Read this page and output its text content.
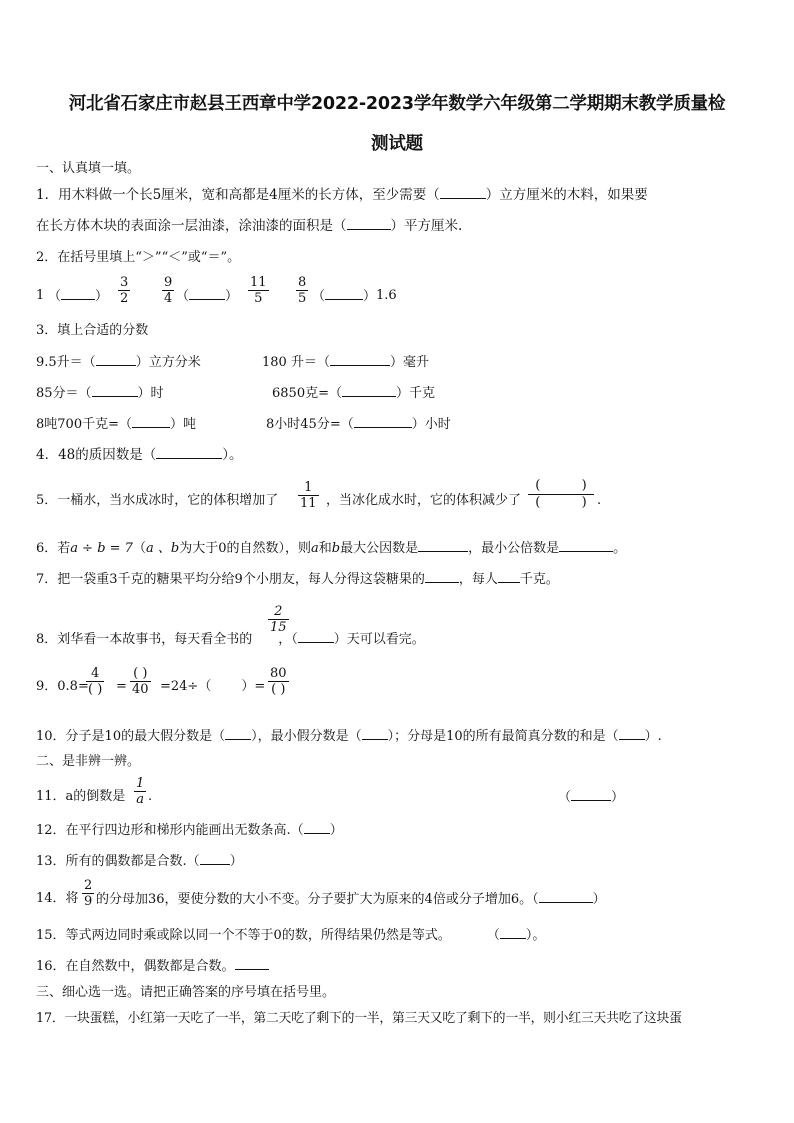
河北省石家庄市赵县王西章中学2022-2023学年数学六年级第二学期期末教学质量检
测试题
一、认真填一填。
1．用木料做一个长5厘米，宽和高都是4厘米的长方体，至少需要（	）立方厘米的木料，如果要
在长方体木块的表面涂一层油漆，涂油漆的面积是（	）平方厘米.
2．在括号里填上“＞”“＜”或“＝”。
1 （	） $\frac{3}{2} \frac{9}{4}$ （	） $\frac{11}{5} \frac{8}{5}$ （	） 1.6
3．填上合适的分数
9.5升＝（	）立方分米	180 升＝（	）毫升
85分＝（	）时	6850克=（	）千克
8吨700千克=（	）吨	8小时45分=（	）小时
4．48的质因数是（	）。
5．一桶水，当水成冰时，它的体积增加了 $\frac{1}{11}$ ，当冰化成水时，它的体积减少了
(          )
(          ) .
6．若a ÷ b = 7（a 、b为大于0的自然数），则a和b最大公因数是	，最小公倍数是	。
7．把一袋重3千克的糖果平均分给9个小朋友，每人分得这袋糖果的	，每人 千克。
$\frac{2}{15}$
8．刘华看一本故事书，每天看全书的 ，（	）天可以看完。
9．0.8=
4
( ) =
( )
40 =24÷（ ）=
80
( )
10．分子是10的最大假分数是（ ），最小假分数是（ ）；分母是10的所有最简真分数的和是（ ）.
二、是非辨一辨。
11．a的倒数是 $\frac{1}{a}$ .	（	）
12．在平行四边形和梯形内能画出无数条高.（ ）
13．所有的偶数都是合数.（ ）
14．将 $\frac{2}{9}$ 的分母加36，要使分数的大小不变。分子要扩大为原来的4倍或分子增加6。（	）
15．等式两边同时乘或除以同一个不等于0的数，所得结果仍然是等式。	（ ）。
16．在自然数中，偶数都是合数。
三、细心选一选。请把正确答案的序号填在括号里。
17．一块蛋糕，小红第一天吃了一半，第二天吃了剩下的一半，第三天又吃了剩下的一半，则小红三天共吃了这块蛋
